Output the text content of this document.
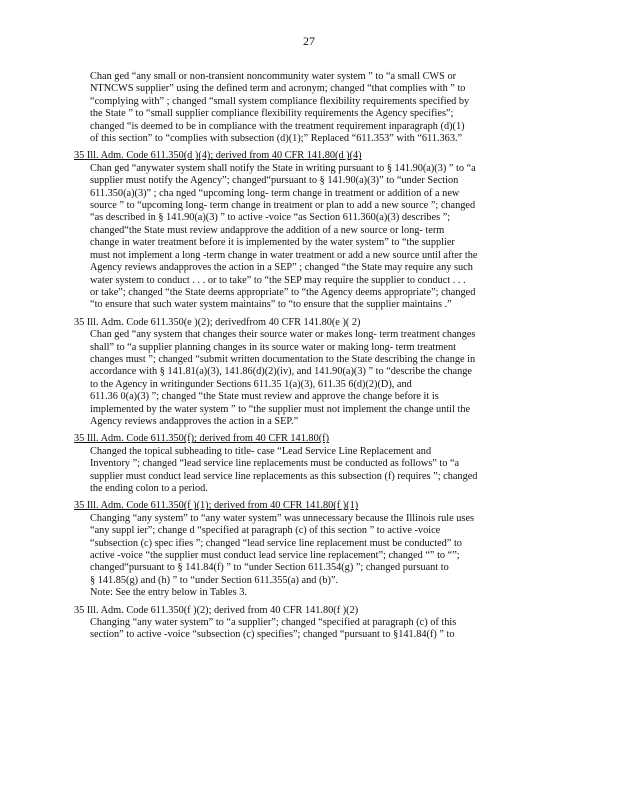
27
Chan ged “any small or non-transient noncommunity water system ” to “a small CWS or
NTNCWS supplier” using the defined term and acronym; changed “that complies with ” to
“complying with” ; changed “small system compliance flexibility requirements specified by
the State ” to “small supplier compliance flexibility requirements the Agency specifies”;
changed “is deemed to be in compliance with the treatment requirement inparagraph (d)(1)
of this section” to “complies with subsection (d)(1);” Replaced “611.353” with “611.363.”
35 Ill. Adm. Code 611.350(d )(4); derived from 40 CFR 141.80(d )(4)
Chan ged “anywater system shall notify the State in writing pursuant to § 141.90(a)(3) ” to “a
supplier must notify the Agency”; changed“pursuant to § 141.90(a)(3)” to “under Section
611.350(a)(3)” ; cha nged “upcoming long- term change in treatment or addition of a new
source ” to “upcoming long- term change in treatment or plan to add a new source ”; changed
“as described in § 141.90(a)(3) ” to active -voice “as Section 611.360(a)(3) describes ”;
changed“the State must review andapprove the addition of a new source or long- term
change in water treatment before it is implemented by the water system” to “the supplier
must not implement a long -term change in water treatment or add a new source until after the
Agency reviews andapproves the action in a SEP” ; changed “the State may require any such
water system to conduct . . . or to take” to “the SEP may require the supplier to conduct . . .
or take”; changed “the State deems appropriate” to “the Agency deems appropriate”; changed
“to ensure that such water system maintains” to “to ensure that the supplier maintains .”
35 Ill. Adm. Code 611.350(e )(2); derivedfrom 40 CFR 141.80(e )( 2)
Chan ged “any system that changes their source water or makes long- term treatment changes
shall” to “a supplier planning changes in its source water or making long- term treatment
changes must ”; changed “submit written documentation to the State describing the change in
accordance with § 141.81(a)(3), 141.86(d)(2)(iv), and 141.90(a)(3) ” to “describe the change
to the Agency in writingunder Sections 611.35 1(a)(3), 611.35 6(d)(2)(D), and
611.36 0(a)(3) ”; changed “the State must review and approve the change before it is
implemented by the water system ” to “the supplier must not implement the change until the
Agency reviews andapproves the action in a SEP.”
35 Ill. Adm. Code 611.350(f); derived from 40 CFR 141.80(f)
Changed the topical subheading to title- case “Lead Service Line Replacement and
Inventory ”; changed “lead service line replacements must be conducted as follows” to “a
supplier must conduct lead service line replacements as this subsection (f) requires ”; changed
the ending colon to a period.
35 Ill. Adm. Code 611.350(f )(1); derived from 40 CFR 141.80(f )(1)
Changing “any system” to “any water system” was unnecessary because the Illinois rule uses
“any suppl ier”; change d “specified at paragraph (c) of this section ” to active -voice
“subsection (c) spec ifies ”; changed “lead service line replacement must be conducted” to
active -voice “the supplier must conduct lead service line replacement”; changed “” to “”;
changed“pursuant to § 141.84(f) ” to “under Section 611.354(g) ”; changed pursuant to
§ 141.85(g) and (h) ” to “under Section 611.355(a) and (b)”.
Note: See the entry below in Tables 3.
35 Ill. Adm. Code 611.350(f )(2); derived from 40 CFR 141.80(f )(2)
Changing “any water system” to “a supplier”; changed “specified at paragraph (c) of this
section” to active -voice “subsection (c) specifies”; changed “pursuant to §141.84(f) ” to
